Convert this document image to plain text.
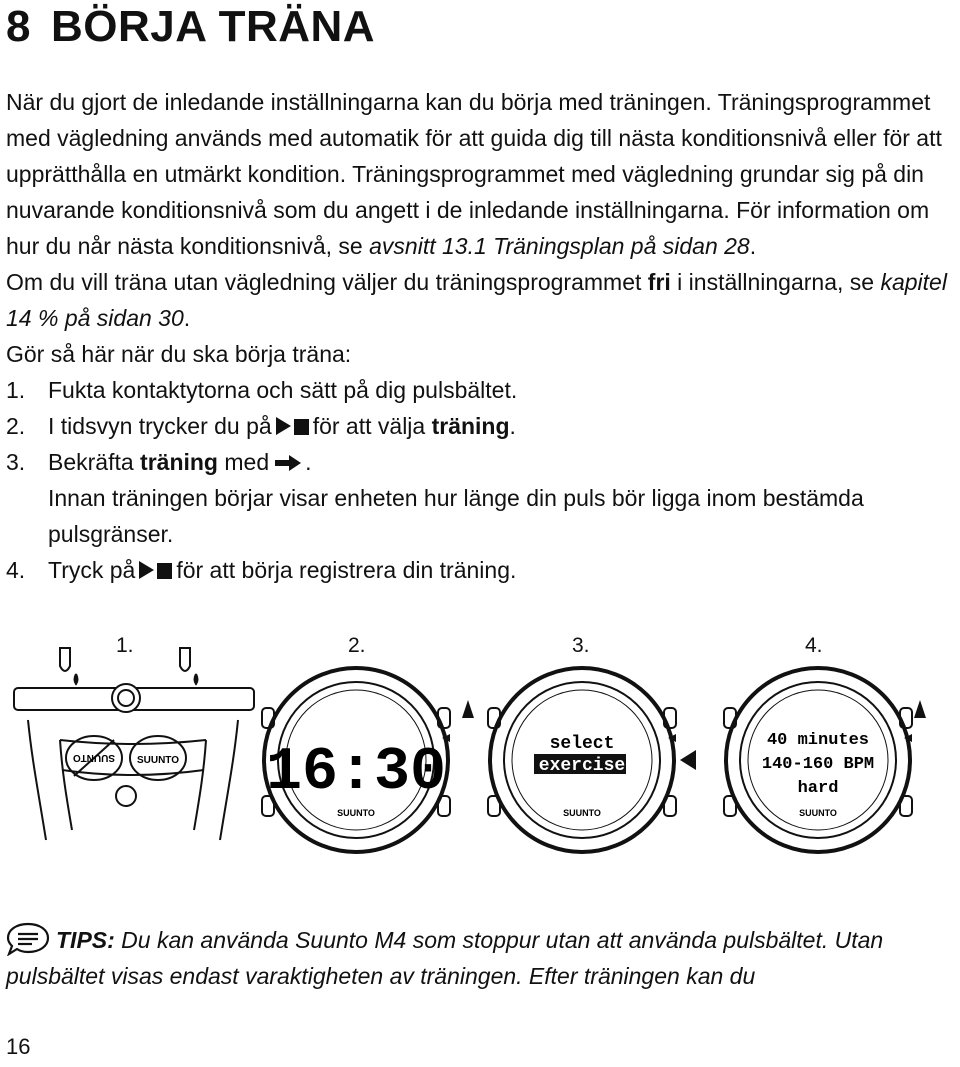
8 BÖRJA TRÄNA

När du gjort de inledande inställningarna kan du börja med träningen. Träningsprogrammet med vägledning används med automatik för att guida dig till nästa konditionsnivå eller för att upprätthålla en utmärkt kondition. Träningsprogrammet med vägledning grundar sig på din nuvarande konditionsnivå som du angett i de inledande inställningarna. För information om hur du når nästa konditionsnivå, se avsnitt 13.1 Träningsplan på sidan 28.

Om du vill träna utan vägledning väljer du träningsprogrammet fri i inställningarna, se kapitel 14 % på sidan 30.

Gör så här när du ska börja träna:

1. Fukta kontaktytorna och sätt på dig pulsbältet.
2. I tidsvyn trycker du på för att välja träning.
3. Bekräfta träning med .
Innan träningen börjar visar enheten hur länge din puls bör ligga inom bestämda pulsgränser.
4. Tryck på för att börja registrera din träning.
1.	2.	3.	4.
SUUNTO SUUNTO 16:30
SUUNTO
select
exercise
SUUNTO
40 minutes
140-160 BPM
hard
SUUNTO
TIPS: Du kan använda Suunto M4 som stoppur utan att använda pulsbältet. Utan pulsbältet visas endast varaktigheten av träningen. Efter träningen kan du
16
